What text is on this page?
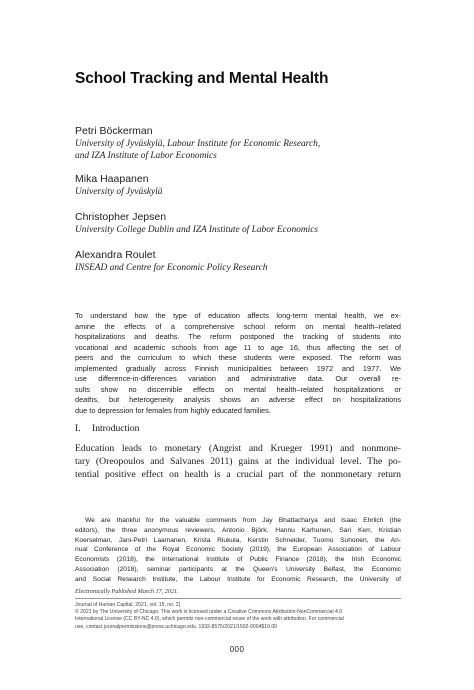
School Tracking and Mental Health
Petri Böckerman
University of Jyväskylä, Labour Institute for Economic Research,
and IZA Institute of Labor Economics
Mika Haapanen
University of Jyväskylä
Christopher Jepsen
University College Dublin and IZA Institute of Labor Economics
Alexandra Roulet
INSEAD and Centre for Economic Policy Research
To understand how the type of education affects long-term mental health, we ex-
amine the effects of a comprehensive school reform on mental health–related
hospitalizations and deaths. The reform postponed the tracking of students into
vocational and academic schools from age 11 to age 16, thus affecting the set of
peers and the curriculum to which these students were exposed. The reform was
implemented gradually across Finnish municipalities between 1972 and 1977. We
use difference-in-differences variation and administrative data. Our overall re-
sults show no discernible effects on mental health–related hospitalizations or
deaths, but heterogeneity analysis shows an adverse effect on hospitalizations
due to depression for females from highly educated families.
I. Introduction
Education leads to monetary (Angrist and Krueger 1991) and nonmone-
tary (Oreopoulos and Salvanes 2011) gains at the individual level. The po-
tential positive effect on health is a crucial part of the nonmonetary return
We are thankful for the valuable comments from Jay Bhattacharya and Isaac Ehrlich (the
editors), the three anonymous reviewers, Antonio Björk, Hannu Karhunen, Sari Kerr, Kristian
Koerselman, Jani-Petri Laamanen, Krista Riukula, Kerstin Schneider, Tuomo Suhonen, the An-
nual Conference of the Royal Economic Society (2019), the European Association of Labour
Economists (2018), the International Institute of Public Finance (2018), the Irish Economic
Association (2018), seminar participants at the Queen's University Belfast, the Economic
and Social Research Institute, the Labour Institute for Economic Research, the University of
Electronically Published March 17, 2021.
Journal of Human Capital, 2021, vol. 15, no. 2]
© 2021 by The University of Chicago. This work is licensed under a Creative Commons Attribution-NonCommercial 4.0
International License (CC BY-NC 4.0), which permits non-commercial reuse of the work with attribution. For commercial
use, contact journalpermissions@press.uchicago.edu. 1932-8575/2021/1502-0004$10.00
000
